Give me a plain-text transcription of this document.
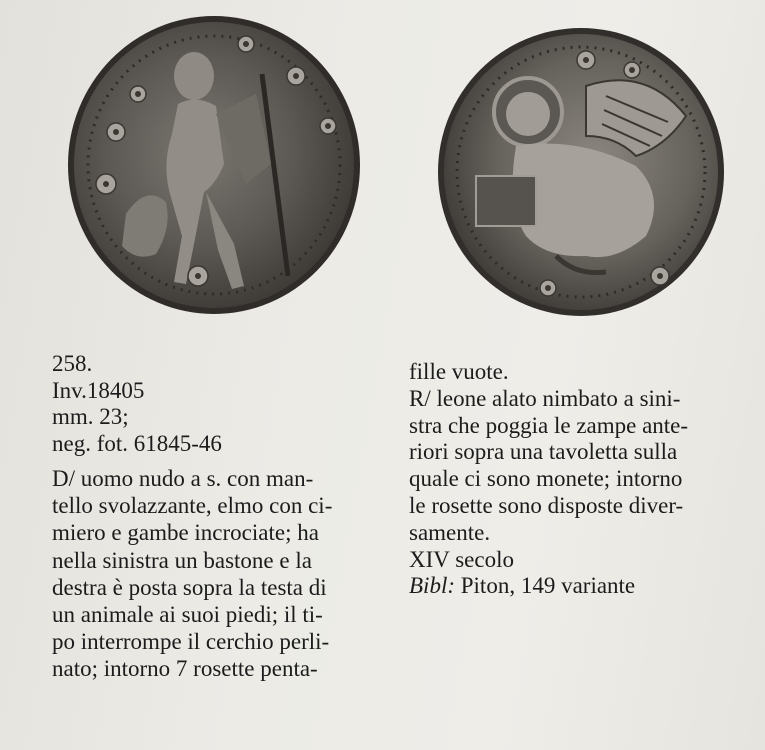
258.
Inv.18405
mm. 23;
neg. fot. 61845-46
D/ uomo nudo a s. con man-
tello svolazzante, elmo con ci-
miero e gambe incrociate; ha
nella sinistra un bastone e la
destra è posta sopra la testa di
un animale ai suoi piedi; il ti-
po interrompe il cerchio perli-
nato; intorno 7 rosette penta-
fille vuote.
R/ leone alato nimbato a sini-
stra che poggia le zampe ante-
riori sopra una tavoletta sulla
quale ci sono monete; intorno
le rosette sono disposte diver-
samente.
XIV secolo
Bibl: Piton, 149 variante
